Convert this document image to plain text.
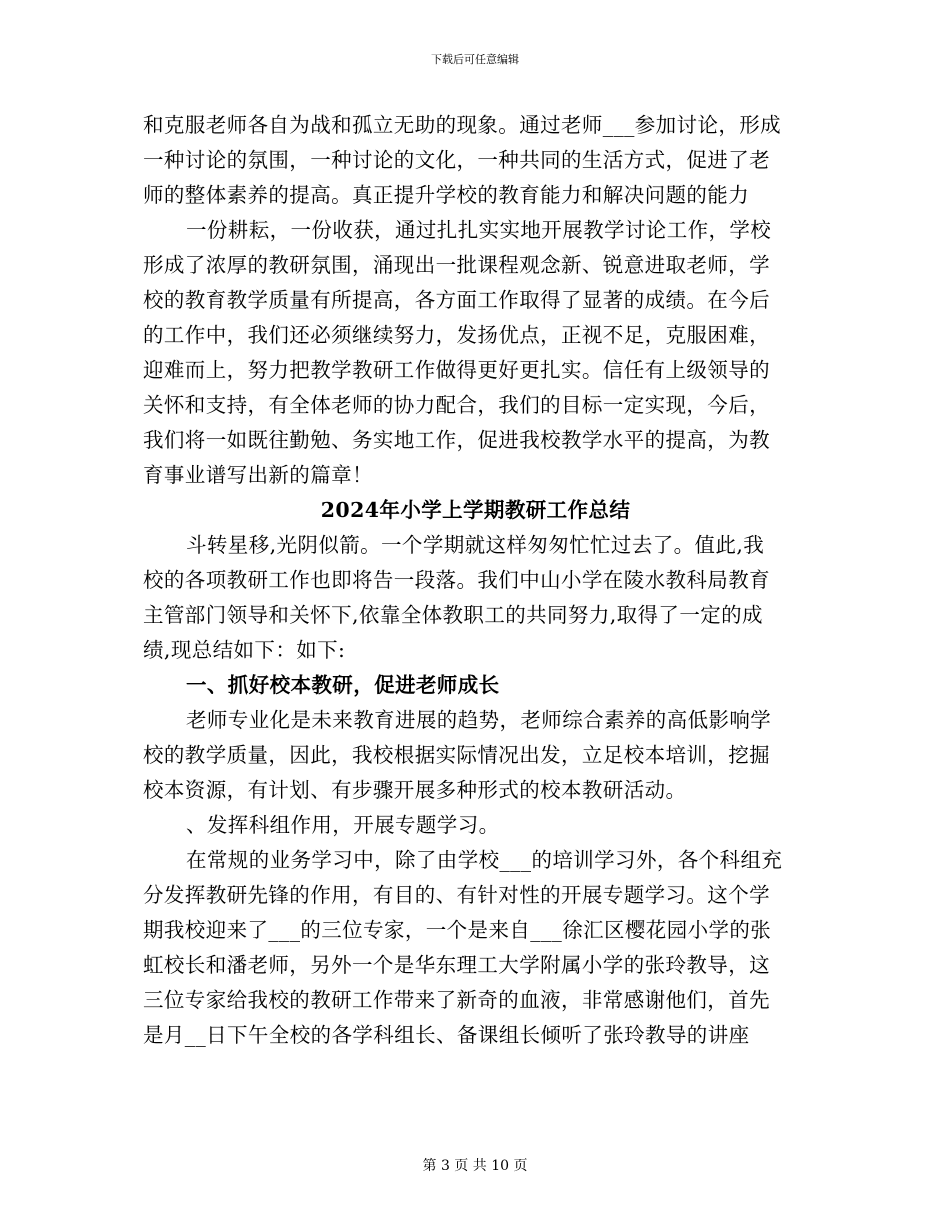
下载后可任意编辑
和克服老师各自为战和孤立无助的现象。通过老师___参加讨论，形成
一种讨论的氛围，一种讨论的文化，一种共同的生活方式，促进了老
师的整体素养的提高。真正提升学校的教育能力和解决问题的能力
一份耕耘，一份收获，通过扎扎实实地开展教学讨论工作，学校
形成了浓厚的教研氛围，涌现出一批课程观念新、锐意进取老师，学
校的教育教学质量有所提高，各方面工作取得了显著的成绩。在今后
的工作中，我们还必须继续努力，发扬优点，正视不足，克服困难，
迎难而上，努力把教学教研工作做得更好更扎实。信任有上级领导的
关怀和支持，有全体老师的协力配合，我们的目标一定实现，今后，
我们将一如既往勤勉、务实地工作，促进我校教学水平的提高，为教
育事业谱写出新的篇章！
2024年小学上学期教研工作总结
斗转星移,光阴似箭。一个学期就这样匆匆忙忙过去了。值此,我
校的各项教研工作也即将告一段落。我们中山小学在陵水教科局教育
主管部门领导和关怀下,依靠全体教职工的共同努力,取得了一定的成
绩,现总结如下：如下:
一、抓好校本教研，促进老师成长
老师专业化是未来教育进展的趋势，老师综合素养的高低影响学
校的教学质量，因此，我校根据实际情况出发，立足校本培训，挖掘
校本资源，有计划、有步骤开展多种形式的校本教研活动。
、发挥科组作用，开展专题学习。
在常规的业务学习中，除了由学校___的培训学习外，各个科组充
分发挥教研先锋的作用，有目的、有针对性的开展专题学习。这个学
期我校迎来了___的三位专家，一个是来自___徐汇区樱花园小学的张
虹校长和潘老师，另外一个是华东理工大学附属小学的张玲教导，这
三位专家给我校的教研工作带来了新奇的血液，非常感谢他们，首先
是月__日下午全校的各学科组长、备课组长倾听了张玲教导的讲座
第 3 页 共 10 页
